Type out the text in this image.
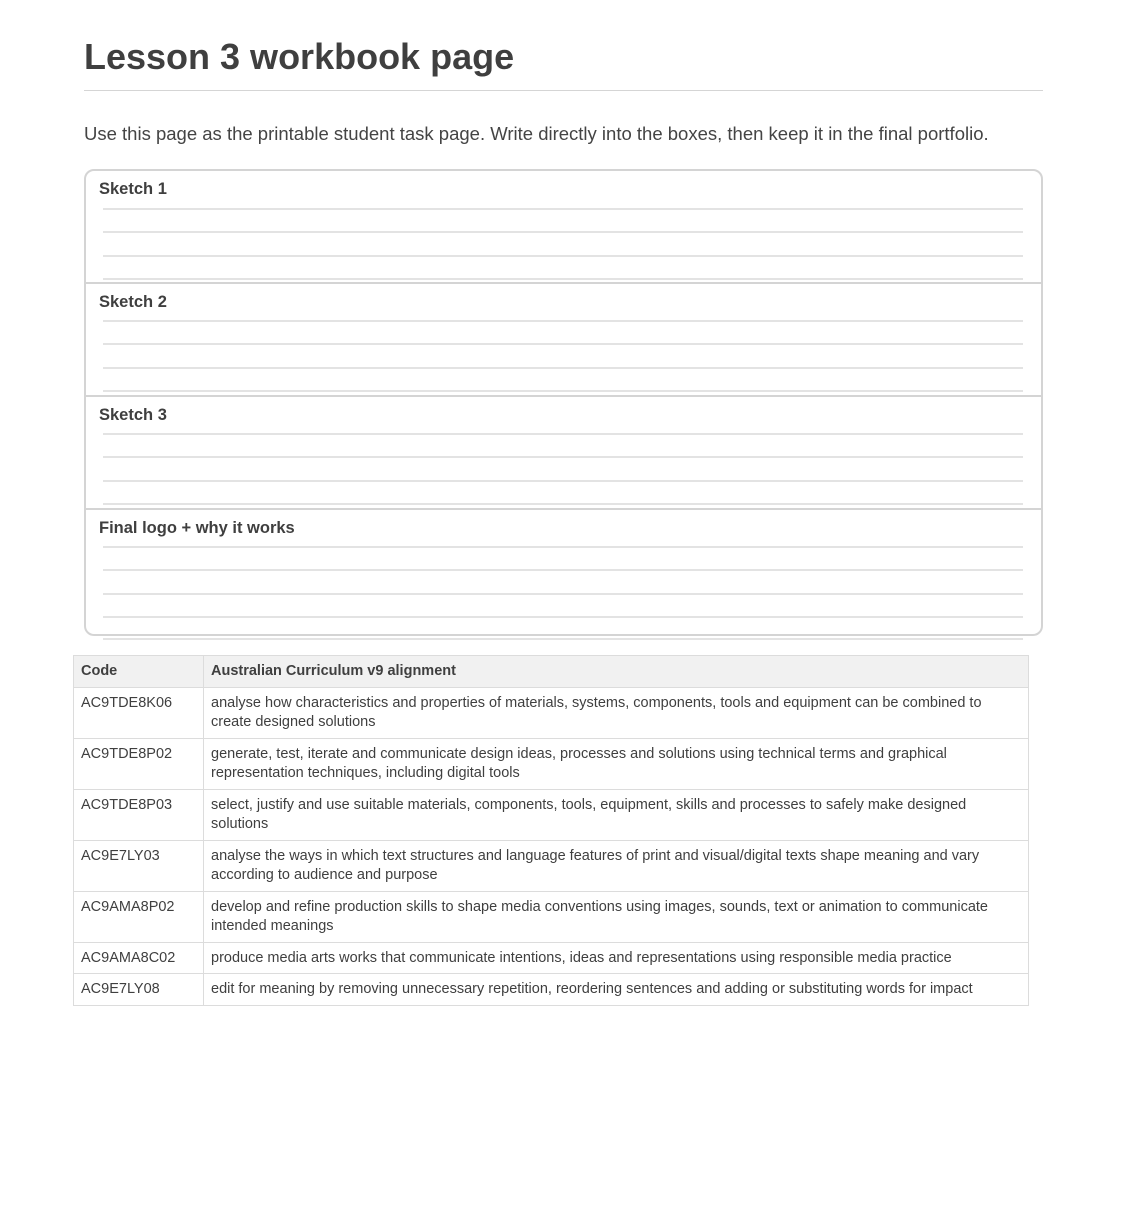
Lesson 3 workbook page

Use this page as the printable student task page. Write directly into the boxes, then keep it in the final portfolio.

Sketch 1
Sketch 2
Sketch 3
Final logo + why it works
Code	Australian Curriculum v9 alignment
AC9TDE8K06	analyse how characteristics and properties of materials, systems, components, tools and equipment can be combined to create designed solutions
AC9TDE8P02	generate, test, iterate and communicate design ideas, processes and solutions using technical terms and graphical representation techniques, including digital tools
AC9TDE8P03	select, justify and use suitable materials, components, tools, equipment, skills and processes to safely make designed solutions
AC9E7LY03	analyse the ways in which text structures and language features of print and visual/digital texts shape meaning and vary according to audience and purpose
AC9AMA8P02	develop and refine production skills to shape media conventions using images, sounds, text or animation to communicate intended meanings
AC9AMA8C02	produce media arts works that communicate intentions, ideas and representations using responsible media practice
AC9E7LY08	edit for meaning by removing unnecessary repetition, reordering sentences and adding or substituting words for impact
